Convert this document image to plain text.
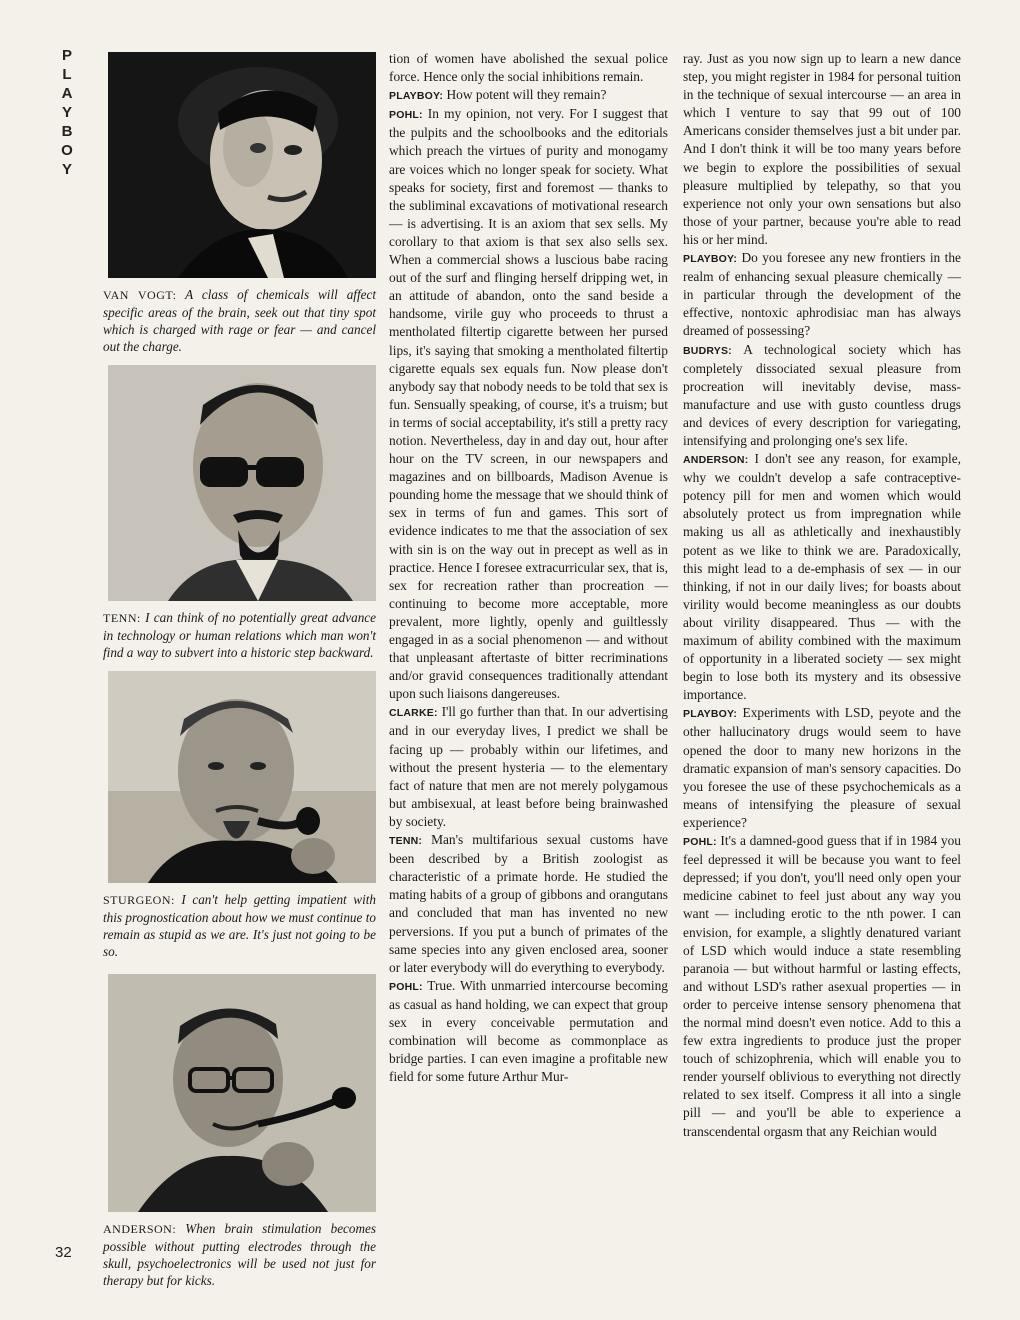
P
L
A
Y
B
O
Y
32

VAN VOGT: A class of chemicals will affect specific areas of the brain, seek out that tiny spot which is charged with rage or fear — and cancel out the charge.

TENN: I can think of no potentially great advance in technology or human relations which man won't find a way to subvert into a historic step backward.

STURGEON: I can't help getting impatient with this prognostication about how we must continue to remain as stupid as we are. It's just not going to be so.

ANDERSON: When brain stimulation becomes possible without putting electrodes through the skull, psychoelectronics will be used not just for therapy but for kicks.

tion of women have abolished the sexual police force. Hence only the social inhibitions remain.

PLAYBOY: How potent will they remain?

POHL: In my opinion, not very. For I suggest that the pulpits and the schoolbooks and the editorials which preach the virtues of purity and monogamy are voices which no longer speak for society. What speaks for society, first and foremost — thanks to the subliminal excavations of motivational research — is advertising. It is an axiom that sex sells. My corollary to that axiom is that sex also sells sex. When a commercial shows a luscious babe racing out of the surf and flinging herself dripping wet, in an attitude of abandon, onto the sand beside a handsome, virile guy who proceeds to thrust a mentholated filtertip cigarette between her pursed lips, it's saying that smoking a mentholated filtertip cigarette equals sex equals fun. Now please don't anybody say that nobody needs to be told that sex is fun. Sensually speaking, of course, it's a truism; but in terms of social acceptability, it's still a pretty racy notion. Nevertheless, day in and day out, hour after hour on the TV screen, in our newspapers and magazines and on billboards, Madison Avenue is pounding home the message that we should think of sex in terms of fun and games. This sort of evidence indicates to me that the association of sex with sin is on the way out in precept as well as in practice. Hence I foresee extracurricular sex, that is, sex for recreation rather than procreation — continuing to become more acceptable, more prevalent, more lightly, openly and guiltlessly engaged in as a social phenomenon — and without that unpleasant aftertaste of bitter recriminations and/or gravid consequences traditionally attendant upon such liaisons dangereuses.

CLARKE: I'll go further than that. In our advertising and in our everyday lives, I predict we shall be facing up — probably within our lifetimes, and without the present hysteria — to the elementary fact of nature that men are not merely polygamous but ambisexual, at least before being brainwashed by society.

TENN: Man's multifarious sexual customs have been described by a British zoologist as characteristic of a primate horde. He studied the mating habits of a group of gibbons and orangutans and concluded that man has invented no new perversions. If you put a bunch of primates of the same species into any given enclosed area, sooner or later everybody will do everything to everybody.

POHL: True. With unmarried intercourse becoming as casual as hand holding, we can expect that group sex in every conceivable permutation and combination will become as commonplace as bridge parties. I can even imagine a profitable new field for some future Arthur Mur-

ray. Just as you now sign up to learn a new dance step, you might register in 1984 for personal tuition in the technique of sexual intercourse — an area in which I venture to say that 99 out of 100 Americans consider themselves just a bit under par. And I don't think it will be too many years before we begin to explore the possibilities of sexual pleasure multiplied by telepathy, so that you experience not only your own sensations but also those of your partner, because you're able to read his or her mind.

PLAYBOY: Do you foresee any new frontiers in the realm of enhancing sexual pleasure chemically — in particular through the development of the effective, nontoxic aphrodisiac man has always dreamed of possessing?

BUDRYS: A technological society which has completely dissociated sexual pleasure from procreation will inevitably devise, mass-manufacture and use with gusto countless drugs and devices of every description for variegating, intensifying and prolonging one's sex life.

ANDERSON: I don't see any reason, for example, why we couldn't develop a safe contraceptive-potency pill for men and women which would absolutely protect us from impregnation while making us all as athletically and inexhaustibly potent as we like to think we are. Paradoxically, this might lead to a de-emphasis of sex — in our thinking, if not in our daily lives; for boasts about virility would become meaningless as our doubts about virility disappeared. Thus — with the maximum of ability combined with the maximum of opportunity in a liberated society — sex might begin to lose both its mystery and its obsessive importance.

PLAYBOY: Experiments with LSD, peyote and the other hallucinatory drugs would seem to have opened the door to many new horizons in the dramatic expansion of man's sensory capacities. Do you foresee the use of these psychochemicals as a means of intensifying the pleasure of sexual experience?

POHL: It's a damned-good guess that if in 1984 you feel depressed it will be because you want to feel depressed; if you don't, you'll need only open your medicine cabinet to feel just about any way you want — including erotic to the nth power. I can envision, for example, a slightly denatured variant of LSD which would induce a state resembling paranoia — but without harmful or lasting effects, and without LSD's rather asexual properties — in order to perceive intense sensory phenomena that the normal mind doesn't even notice. Add to this a few extra ingredients to produce just the proper touch of schizophrenia, which will enable you to render yourself oblivious to everything not directly related to sex itself. Compress it all into a single pill — and you'll be able to experience a transcendental orgasm that any Reichian would
